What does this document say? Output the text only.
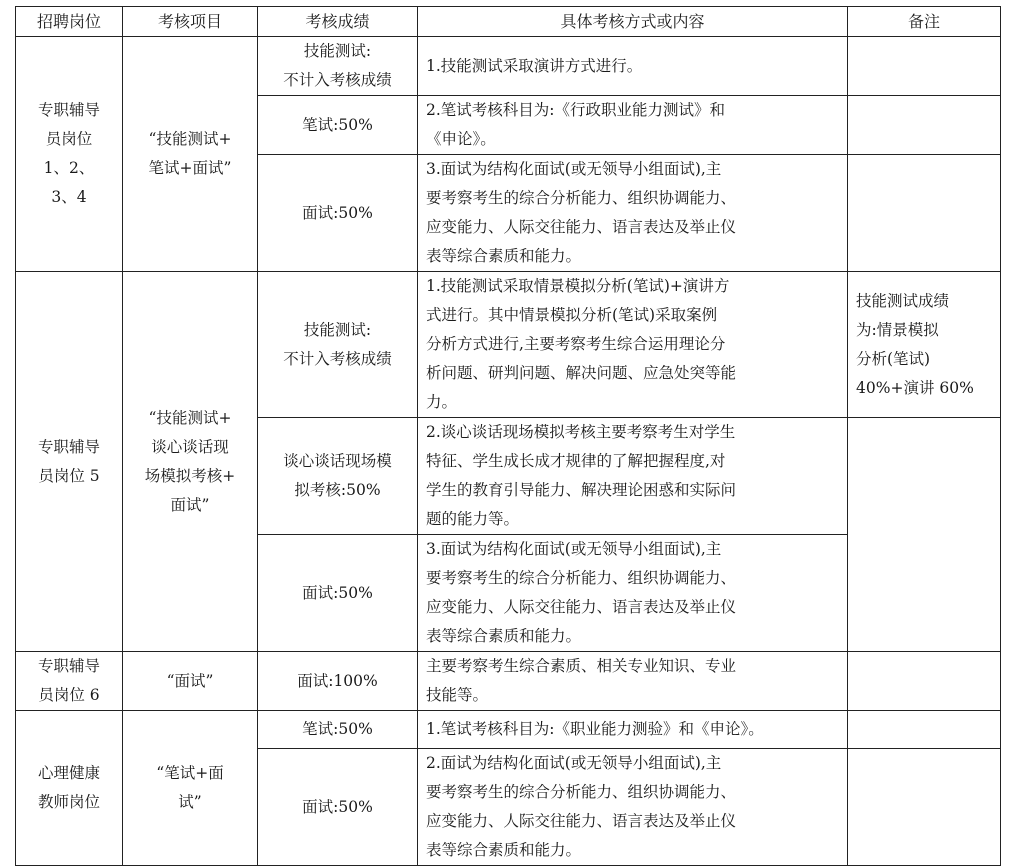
招聘岗位	考核项目	考核成绩	具体考核方式或内容	备注
专职辅导
员岗位
1、2、
3、4	“技能测试+
笔试+面试”	技能测试:
不计入考核成绩	1.技能测试采取演讲方式进行。	
		笔试:50%	2.笔试考核科目为:《行政职业能力测试》和
《申论》。	
		面试:50%	3.面试为结构化面试(或无领导小组面试),主
要考察考生的综合分析能力、组织协调能力、
应变能力、人际交往能力、语言表达及举止仪
表等综合素质和能力。	
专职辅导
员岗位 5	“技能测试+
谈心谈话现
场模拟考核+
面试”	技能测试:
不计入考核成绩	1.技能测试采取情景模拟分析(笔试)+演讲方
式进行。其中情景模拟分析(笔试)采取案例
分析方式进行,主要考察考生综合运用理论分
析问题、研判问题、解决问题、应急处突等能
力。	技能测试成绩
为:情景模拟
分析(笔试)
40%+演讲 60%
		谈心谈话现场模
拟考核:50%	2.谈心谈话现场模拟考核主要考察考生对学生
特征、学生成长成才规律的了解把握程度,对
学生的教育引导能力、解决理论困惑和实际问
题的能力等。	
		面试:50%	3.面试为结构化面试(或无领导小组面试),主
要考察考生的综合分析能力、组织协调能力、
应变能力、人际交往能力、语言表达及举止仪
表等综合素质和能力。	
专职辅导
员岗位 6	“面试”	面试:100%	主要考察考生综合素质、相关专业知识、专业
技能等。	
心理健康
教师岗位	“笔试+面
试”	笔试:50%	1.笔试考核科目为:《职业能力测验》和《申论》。	
		面试:50%	2.面试为结构化面试(或无领导小组面试),主
要考察考生的综合分析能力、组织协调能力、
应变能力、人际交往能力、语言表达及举止仪
表等综合素质和能力。	
